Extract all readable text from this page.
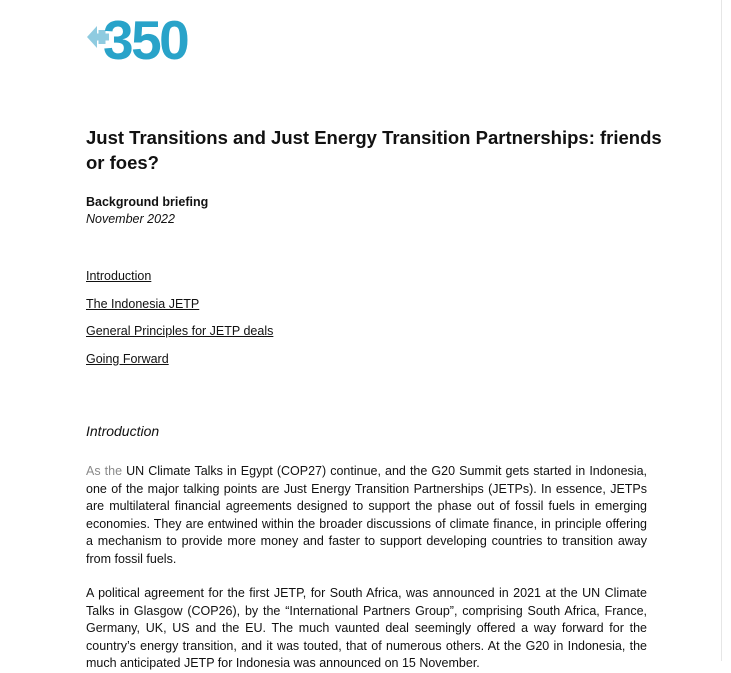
350
Just Transitions and Just Energy Transition Partnerships: friends or foes?
Background briefing
November 2022
Introduction
The Indonesia JETP
General Principles for JETP deals
Going Forward
Introduction

As the UN Climate Talks in Egypt (COP27) continue, and the G20 Summit gets started in Indonesia, one of the major talking points are Just Energy Transition Partnerships (JETPs). In essence, JETPs are multilateral financial agreements designed to support the phase out of fossil fuels in emerging economies. They are entwined within the broader discussions of climate finance, in principle offering a mechanism to provide more money and faster to support developing countries to transition away from fossil fuels.

A political agreement for the first JETP, for South Africa, was announced in 2021 at the UN Climate Talks in Glasgow (COP26), by the “International Partners Group”, comprising South Africa, France, Germany, UK, US and the EU. The much vaunted deal seemingly offered a way forward for the country’s energy transition, and it was touted, that of numerous others. At the G20 in Indonesia, the much anticipated JETP for Indonesia was announced on 15 November.
